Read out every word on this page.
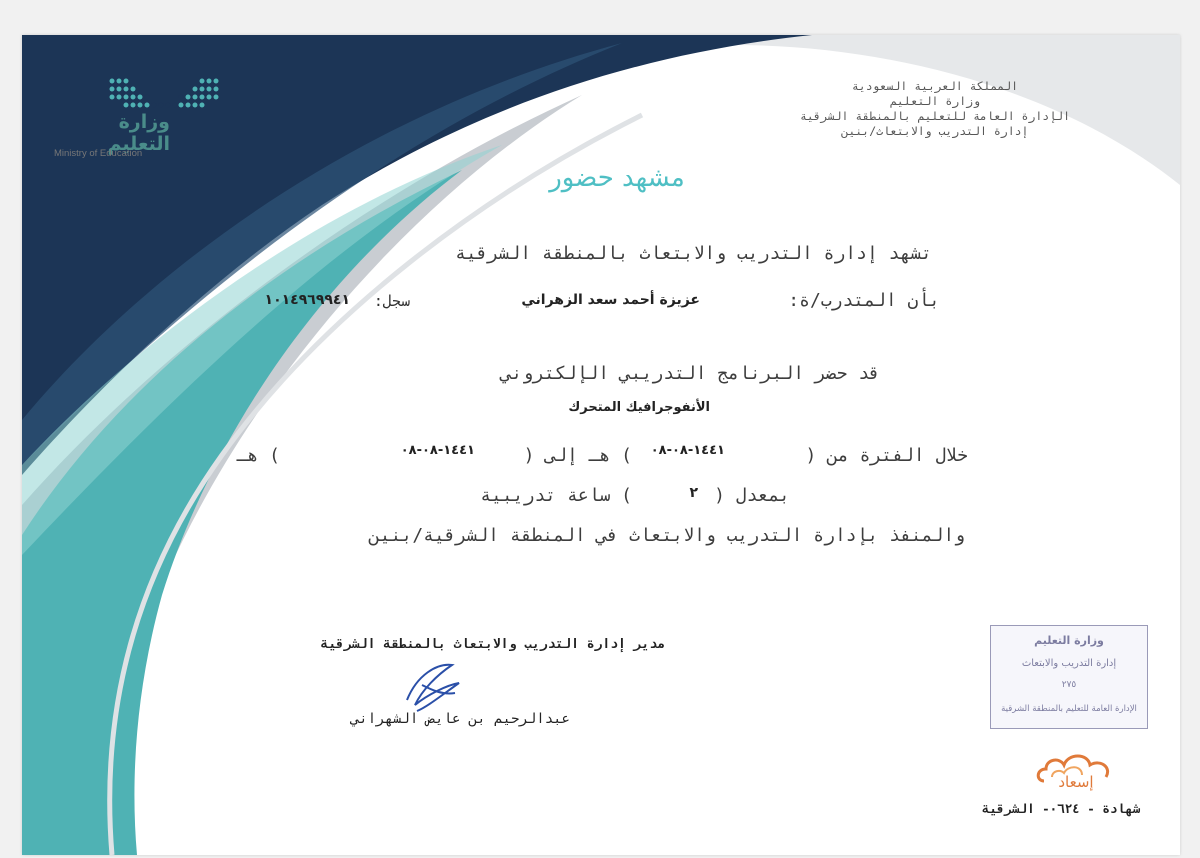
وزارة التعليم
Ministry of Education
المملكة العربية السعودية
وزارة التعليم
الإدارة العامة للتعليم بالمنطقة الشرقية
إدارة التدريب والابتعاث/بنين
مشهد حضور
تشهد إدارة التدريب والابتعاث بالمنطقة الشرقية
بأن المتدرب/ة:
عزيزة أحمد سعد الزهراني
سجل:
١٠١٤٩٦٩٩٤١
قد حضر البرنامج التدريبي الإلكتروني
الأنفوجرافيك المتحرك
خلال الفترة من (
١٤٤١-٠٨-٠٨
) هـ إلى (
١٤٤١-٠٨-٠٨
) هـ
بمعدل (
٢
) ساعة تدريبية
والمنفذ بإدارة التدريب والابتعاث في المنطقة الشرقية/بنين
مدير إدارة التدريب والابتعاث بالمنطقة الشرقية
عبدالرحيم بن عايض الشهراني
وزارة التعليم
إدارة التدريب والابتعاث
٢٧٥
الإدارة العامة للتعليم بالمنطقة الشرقية
إسعاد
شهادة - ٠٦٢٤- الشرقية
